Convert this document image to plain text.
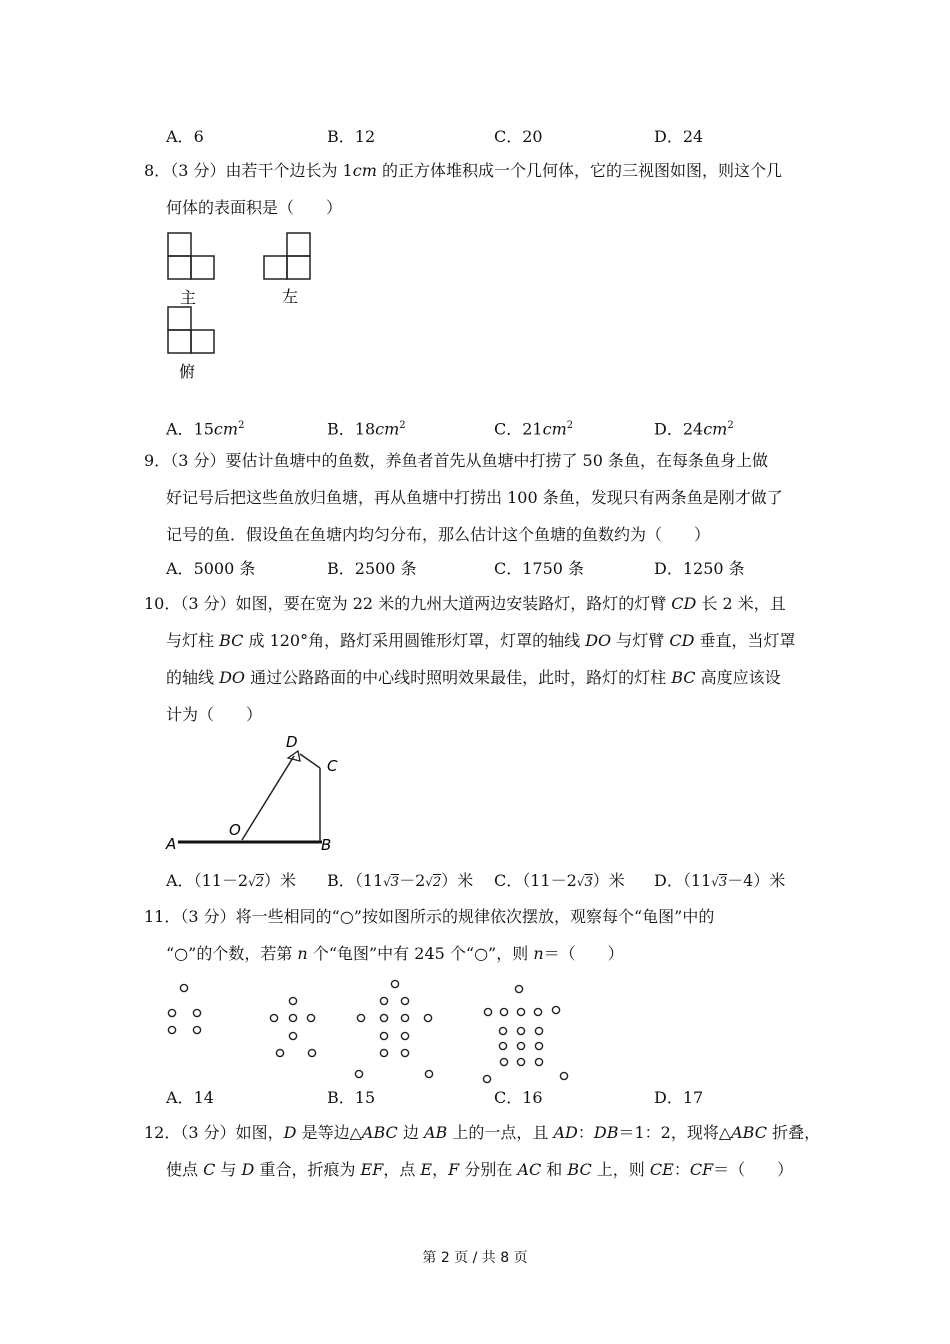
A．6	B．12	C．20	D．24
8．（3 分）由若干个边长为 1cm 的正方体堆积成一个几何体，它的三视图如图，则这个几
何体的表面积是（　　）
主	左
俯
A．$15cm^2$	B．$18cm^2$	C．$21cm^2$	D．$24cm^2$
9．（3 分）要估计鱼塘中的鱼数，养鱼者首先从鱼塘中打捞了 50 条鱼，在每条鱼身上做
好记号后把这些鱼放归鱼塘，再从鱼塘中打捞出 100 条鱼，发现只有两条鱼是刚才做了
记号的鱼．假设鱼在鱼塘内均匀分布，那么估计这个鱼塘的鱼数约为（　　）
A．5000 条	B．2500 条	C．1750 条	D．1250 条
10．（3 分）如图，要在宽为 22 米的九州大道两边安装路灯，路灯的灯臂 CD 长 2 米，且
与灯柱 BC 成 120°角，路灯采用圆锥形灯罩，灯罩的轴线 DO 与灯臂 CD 垂直，当灯罩
的轴线 DO 通过公路路面的中心线时照明效果最佳，此时，路灯的灯柱 BC 高度应该设
计为（　　）
A	B
C
D
O
A．（11－2√2）米 B．（11√3－2√2）米 C．（11－2√3）米 D．（11√3－4）米
11．（3 分）将一些相同的“○”按如图所示的规律依次摆放，观察每个“龟图”中的
“○”的个数，若第 n 个“龟图”中有 245 个“○”，则 n＝（　　）
A．14	B．15	C．16	D．17
12．（3 分）如图，D 是等边△ABC 边 AB 上的一点，且 AD：DB＝1：2，现将△ABC 折叠，
使点 C 与 D 重合，折痕为 EF，点 E，F 分别在 AC 和 BC 上，则 CE：CF＝（　　）
第 2 页 / 共 8 页
